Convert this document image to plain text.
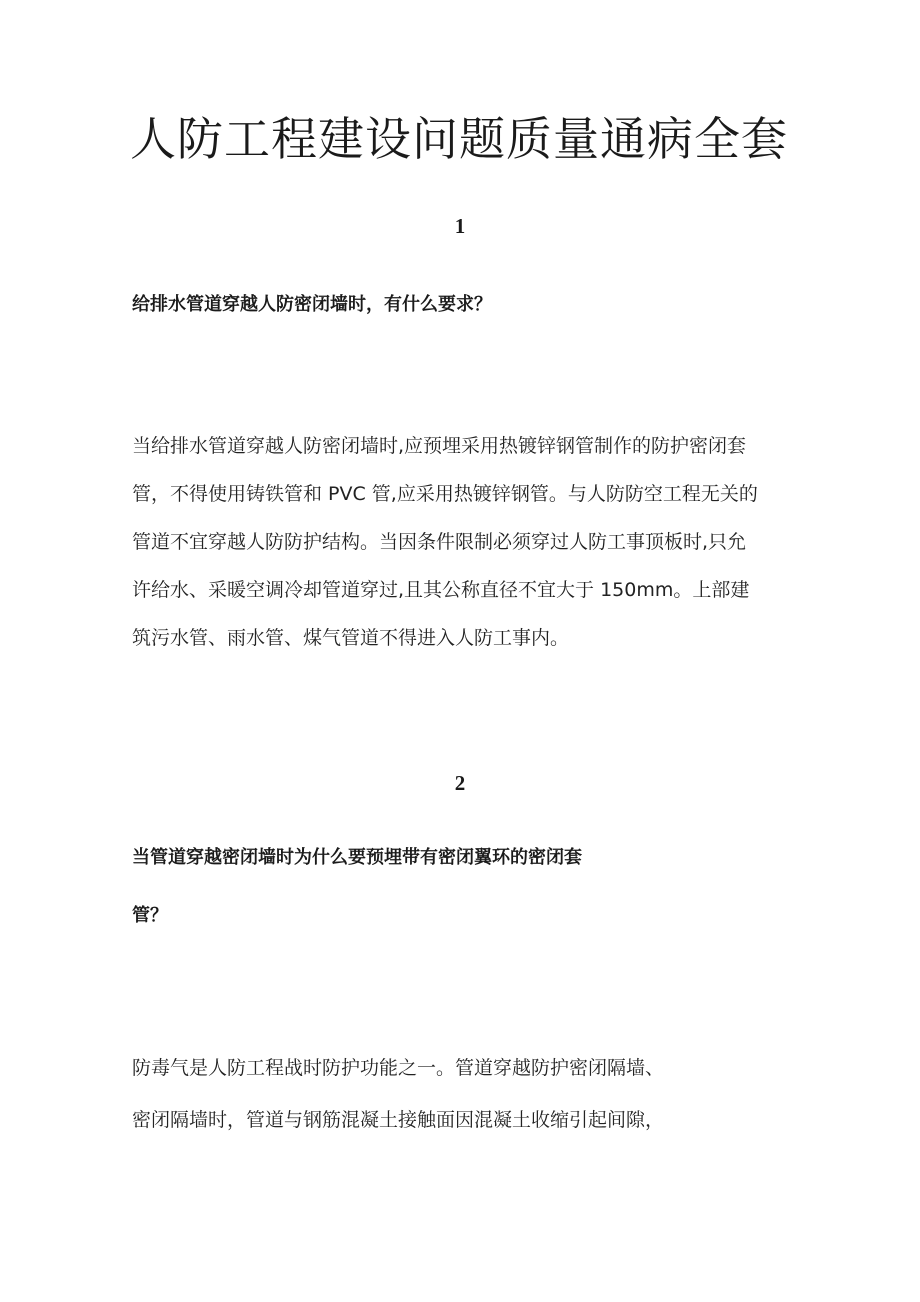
人防工程建设问题质量通病全套
1
给排水管道穿越人防密闭墙时，有什么要求？
当给排水管道穿越人防密闭墙时,应预埋采用热镀锌钢管制作的防护密闭套
管，不得使用铸铁管和 PVC 管,应采用热镀锌钢管。与人防防空工程无关的
管道不宜穿越人防防护结构。当因条件限制必须穿过人防工事顶板时,只允
许给水、采暖空调冷却管道穿过,且其公称直径不宜大于 150mm。上部建
筑污水管、雨水管、煤气管道不得进入人防工事内。
2
当管道穿越密闭墙时为什么要预埋带有密闭翼环的密闭套
管？
防毒气是人防工程战时防护功能之一。管道穿越防护密闭隔墙、
密闭隔墙时，管道与钢筋混凝土接触面因混凝土收缩引起间隙，
